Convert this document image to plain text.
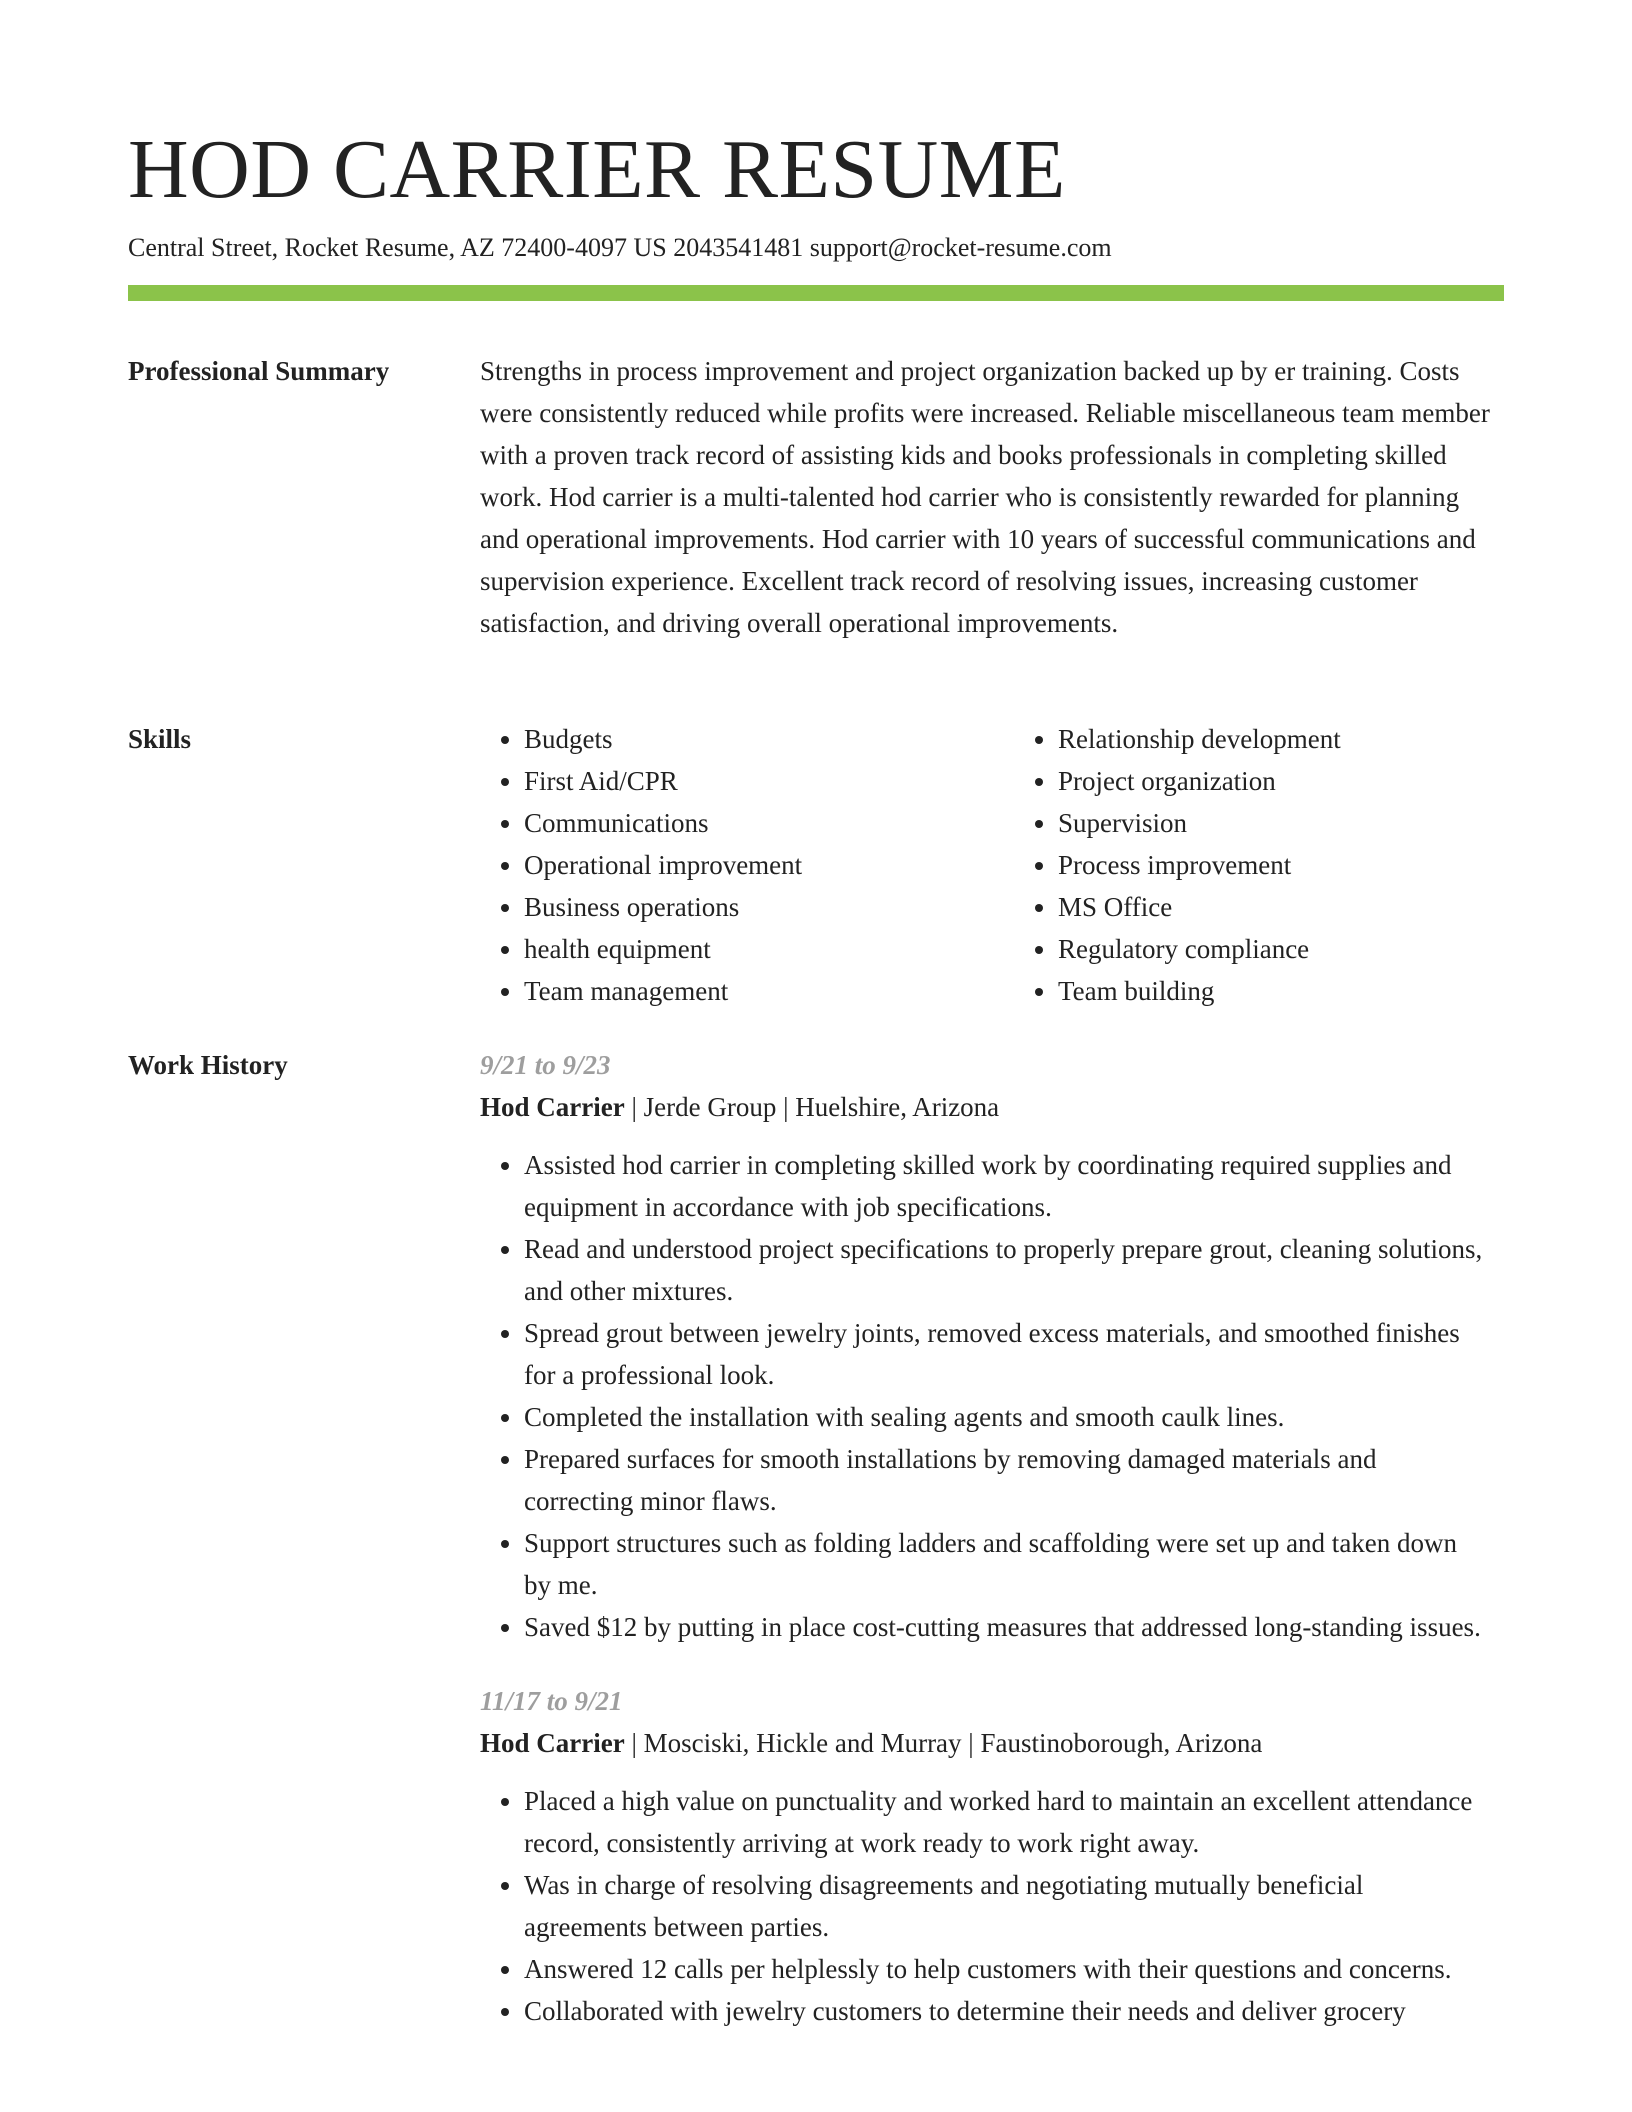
HOD CARRIER RESUME
Central Street, Rocket Resume, AZ 72400-4097 US 2043541481 support@rocket-resume.com
Professional Summary	Strengths in process improvement and project organization backed up by er training. Costs were consistently reduced while profits were increased. Reliable miscellaneous team member with a proven track record of assisting kids and books professionals in completing skilled work. Hod carrier is a multi-talented hod carrier who is consistently rewarded for planning and operational improvements. Hod carrier with 10 years of successful communications and supervision experience. Excellent track record of resolving issues, increasing customer satisfaction, and driving overall operational improvements.

Skills
•	Budgets
• First Aid/CPR
• Communications
• Operational improvement
• Business operations
• health equipment
• Team management
• Relationship development
• Project organization
• Supervision
• Process improvement
• MS Office
• Regulatory compliance
• Team building
Work History	9/21 to 9/23
Hod Carrier | Jerde Group | Huelshire, Arizona
• Assisted hod carrier in completing skilled work by coordinating required supplies and equipment in accordance with job specifications.
• Read and understood project specifications to properly prepare grout, cleaning solutions, and other mixtures.
• Spread grout between jewelry joints, removed excess materials, and smoothed finishes for a professional look.
• Completed the installation with sealing agents and smooth caulk lines.
• Prepared surfaces for smooth installations by removing damaged materials and correcting minor flaws.
• Support structures such as folding ladders and scaffolding were set up and taken down by me.
• Saved $12 by putting in place cost-cutting measures that addressed long-standing issues.
11/17 to 9/21
Hod Carrier | Mosciski, Hickle and Murray | Faustinoborough, Arizona
• Placed a high value on punctuality and worked hard to maintain an excellent attendance record, consistently arriving at work ready to work right away.
• Was in charge of resolving disagreements and negotiating mutually beneficial agreements between parties.
• Answered 12 calls per helplessly to help customers with their questions and concerns.
• Collaborated with jewelry customers to determine their needs and deliver grocery
